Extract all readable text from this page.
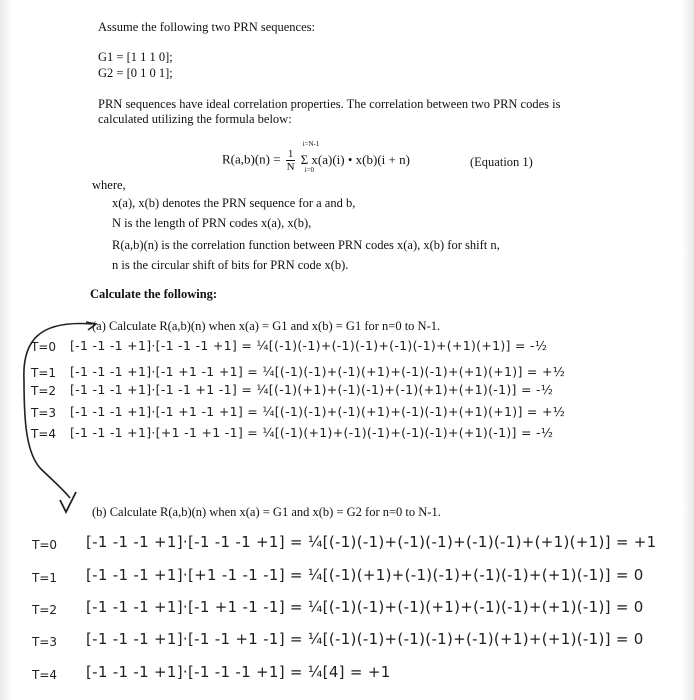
Assume the following two PRN sequences:
G1 = [1 1 1 0];
G2 = [0 1 0 1];
PRN sequences have ideal correlation properties. The correlation between two PRN codes is
calculated utilizing the formula below:
$R(a,b)(n) = \frac{1}{N}$

i=N-1
i=0
Σ x(a)(i) • x(b)(i + n)	(Equation 1)
where,
x(a), x(b) denotes the PRN sequence for a and b,
N is the length of PRN codes x(a), x(b),
R(a,b)(n) is the correlation function between PRN codes x(a), x(b) for shift n,
n is the circular shift of bits for PRN code x(b).
Calculate the following:
(a) Calculate R(a,b)(n) when x(a) = G1 and x(b) = G1 for n=0 to N-1.
T=0 [-1 -1 -1 +1]·[-1 -1 -1 +1] = ¼[(-1)(-1)+(-1)(-1)+(-1)(-1)+(+1)(+1)] = -½
T=1 [-1 -1 -1 +1]·[-1 +1 -1 +1] = ¼[(-1)(-1)+(-1)(+1)+(-1)(-1)+(+1)(+1)] = +½
T=2 [-1 -1 -1 +1]·[-1 -1 +1 -1] = ¼[(-1)(+1)+(-1)(-1)+(-1)(+1)+(+1)(-1)] = -½
T=3 [-1 -1 -1 +1]·[-1 +1 -1 +1] = ¼[(-1)(-1)+(-1)(+1)+(-1)(-1)+(+1)(+1)] = +½
T=4 [-1 -1 -1 +1]·[+1 -1 +1 -1] = ¼[(-1)(+1)+(-1)(-1)+(-1)(-1)+(+1)(-1)] = -½
(b) Calculate R(a,b)(n) when x(a) = G1 and x(b) = G2 for n=0 to N-1.
T=0 [-1 -1 -1 +1]·[-1 -1 -1 +1] = ¼[(-1)(-1)+(-1)(-1)+(-1)(-1)+(+1)(+1)] = +1
T=1 [-1 -1 -1 +1]·[+1 -1 -1 -1] = ¼[(-1)(+1)+(-1)(-1)+(-1)(-1)+(+1)(-1)] = 0
T=2 [-1 -1 -1 +1]·[-1 +1 -1 -1] = ¼[(-1)(-1)+(-1)(+1)+(-1)(-1)+(+1)(-1)] = 0
T=3 [-1 -1 -1 +1]·[-1 -1 +1 -1] = ¼[(-1)(-1)+(-1)(-1)+(-1)(+1)+(+1)(-1)] = 0
T=4 [-1 -1 -1 +1]·[-1 -1 -1 +1] = ¼[4] = +1
